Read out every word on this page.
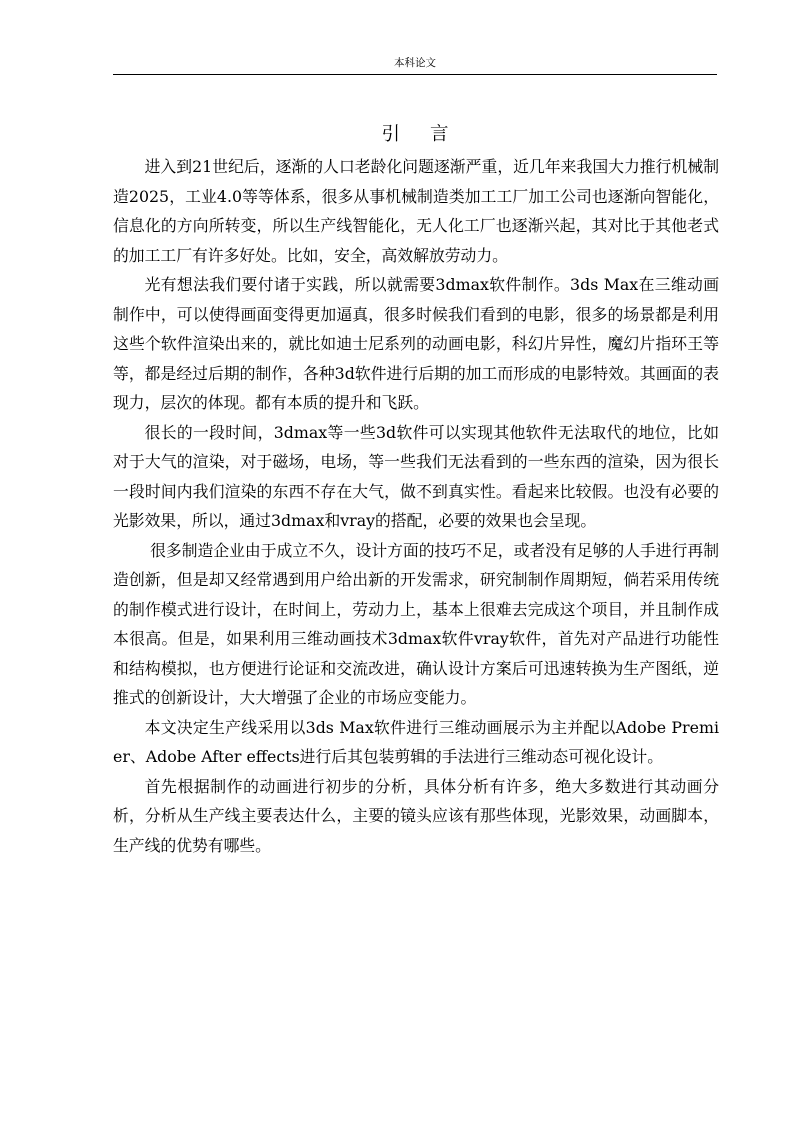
本科论文
引 言

进入到21世纪后，逐渐的人口老龄化问题逐渐严重，近几年来我国大力推行机械制造2025，工业4.0等等体系，很多从事机械制造类加工工厂加工公司也逐渐向智能化，信息化的方向所转变，所以生产线智能化，无人化工厂也逐渐兴起，其对比于其他老式的加工工厂有许多好处。比如，安全，高效解放劳动力。

光有想法我们要付诸于实践，所以就需要3dmax软件制作。3ds Max在三维动画制作中，可以使得画面变得更加逼真，很多时候我们看到的电影，很多的场景都是利用这些个软件渲染出来的，就比如迪士尼系列的动画电影，科幻片异性，魔幻片指环王等等，都是经过后期的制作，各种3d软件进行后期的加工而形成的电影特效。其画面的表现力，层次的体现。都有本质的提升和飞跃。

很长的一段时间，3dmax等一些3d软件可以实现其他软件无法取代的地位，比如对于大气的渲染，对于磁场，电场，等一些我们无法看到的一些东西的渲染，因为很长一段时间内我们渲染的东西不存在大气，做不到真实性。看起来比较假。也没有必要的光影效果，所以，通过3dmax和vray的搭配，必要的效果也会呈现。

很多制造企业由于成立不久，设计方面的技巧不足，或者没有足够的人手进行再制造创新，但是却又经常遇到用户给出新的开发需求，研究制制作周期短，倘若采用传统的制作模式进行设计，在时间上，劳动力上，基本上很难去完成这个项目，并且制作成本很高。但是，如果利用三维动画技术3dmax软件vray软件，首先对产品进行功能性和结构模拟，也方便进行论证和交流改进，确认设计方案后可迅速转换为生产图纸，逆推式的创新设计，大大增强了企业的市场应变能力。

本文决定生产线采用以3ds Max软件进行三维动画展示为主并配以Adobe Premier、Adobe After effects进行后其包装剪辑的手法进行三维动态可视化设计。

首先根据制作的动画进行初步的分析，具体分析有许多，绝大多数进行其动画分析，分析从生产线主要表达什么，主要的镜头应该有那些体现，光影效果，动画脚本，生产线的优势有哪些。
